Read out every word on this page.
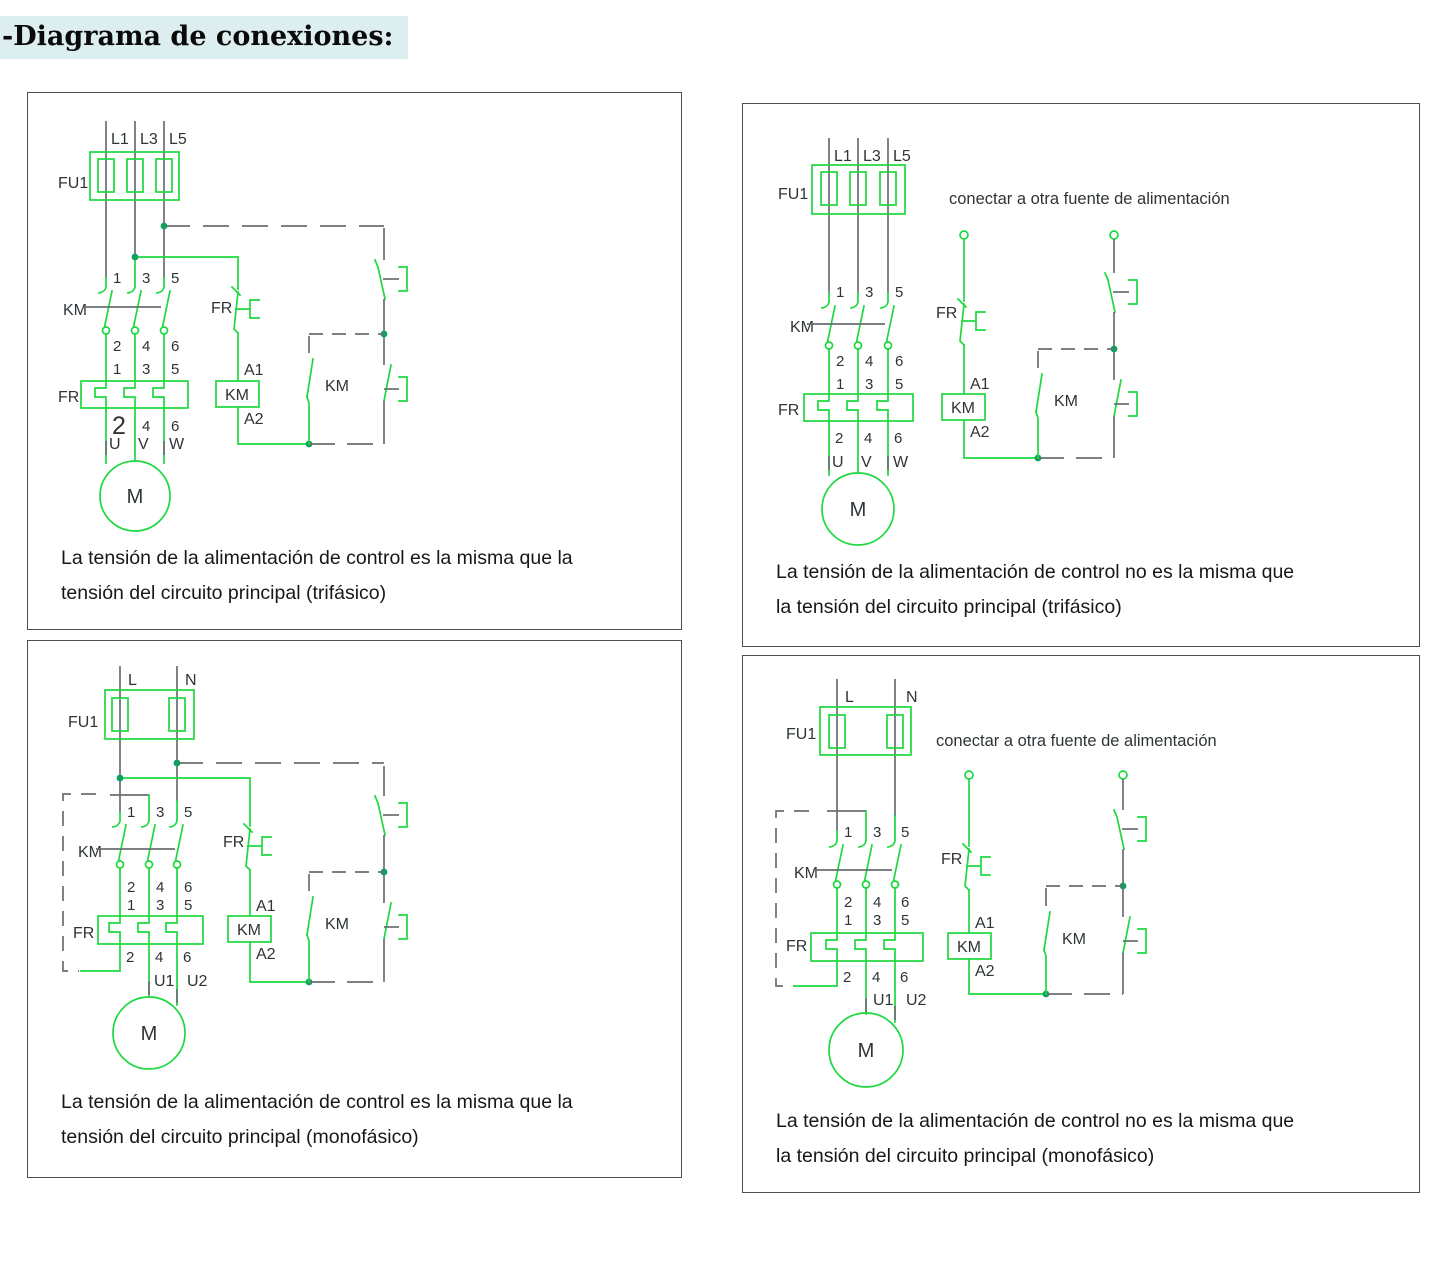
-Diagrama de conexiones:
L1 L3 L5
FU1
1 3 5
KM
2 4 6
1 3 5
FR
2 4 6
U V W
M
FR
A1
KM
A2
KM
La tensión de la alimentación de control es la misma que la
tensión del circuito principal (trifásico)
L1 L3 L5
FU1	conectar a otra fuente de alimentación
1 3 5
KM
2 4 6
1 3 5
FR
2 4 6
U V W
M
FR
A1
KM
A2
KM
La tensión de la alimentación de control no es la misma que
la tensión del circuito principal (trifásico)
L	N
FU1
1 3 5
KM
2 4 6
1 3 5
FR
2 4 6
U1 U2
M
FR
A1
KM
A2
KM
La tensión de la alimentación de control es la misma que la
tensión del circuito principal (monofásico)
L	N
FU1	conectar a otra fuente de alimentación
1 3 5
KM
2 4 6
1 3 5
FR
2 4 6
U1 U2
M
FR
A1
KM
A2
KM
La tensión de la alimentación de control no es la misma que
la tensión del circuito principal (monofásico)
